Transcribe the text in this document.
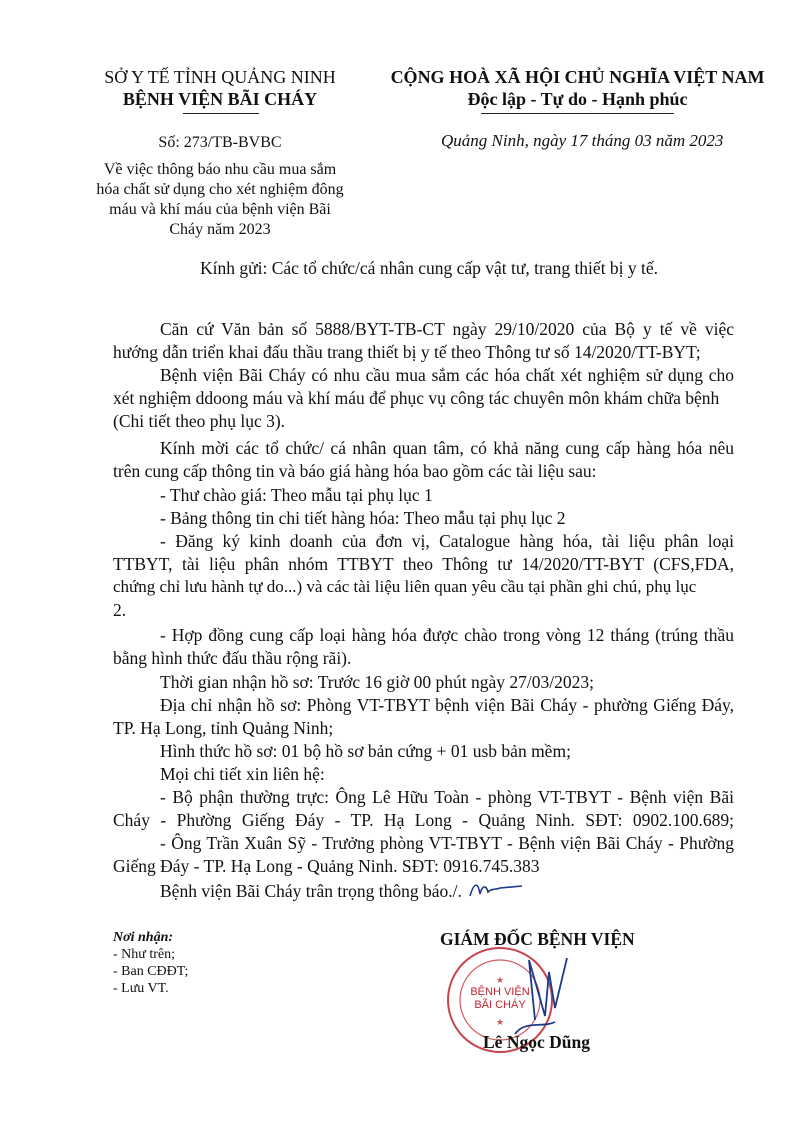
SỞ Y TẾ TỈNH QUẢNG NINH
BỆNH VIỆN BÃI CHÁY
Số: 273/TB-BVBC
Về việc thông báo nhu cầu mua sắm
hóa chất sử dụng cho xét nghiệm đông
máu và khí máu của bệnh viện Bãi
Cháy năm 2023
CỘNG HOÀ XÃ HỘI CHỦ NGHĨA VIỆT NAM
Độc lập - Tự do - Hạnh phúc
Quảng Ninh, ngày 17 tháng 03 năm 2023
Kính gửi: Các tổ chức/cá nhân cung cấp vật tư, trang thiết bị y tế.
Căn cứ Văn bản số 5888/BYT-TB-CT ngày 29/10/2020 của Bộ y tế về việc
hướng dẫn triển khai đấu thầu trang thiết bị y tế theo Thông tư số 14/2020/TT-BYT;
Bệnh viện Bãi Cháy có nhu cầu mua sắm các hóa chất xét nghiệm sử dụng cho
xét nghiệm ddoong máu và khí máu để phục vụ công tác chuyên môn khám chữa bệnh
(Chi tiết theo phụ lục 3).
Kính mời các tổ chức/ cá nhân quan tâm, có khả năng cung cấp hàng hóa nêu
trên cung cấp thông tin và báo giá hàng hóa bao gồm các tài liệu sau:
- Thư chào giá: Theo mẫu tại phụ lục 1
- Bảng thông tin chi tiết hàng hóa: Theo mẫu tại phụ lục 2
- Đăng ký kinh doanh của đơn vị, Catalogue hàng hóa, tài liệu phân loại
TTBYT, tài liệu phân nhóm TTBYT theo Thông tư 14/2020/TT-BYT (CFS,FDA,
chứng chỉ lưu hành tự do...) và các tài liệu liên quan yêu cầu tại phần ghi chú, phụ lục
2.
- Hợp đồng cung cấp loại hàng hóa được chào trong vòng 12 tháng (trúng thầu
bằng hình thức đấu thầu rộng rãi).
Thời gian nhận hồ sơ: Trước 16 giờ 00 phút ngày 27/03/2023;
Địa chỉ nhận hồ sơ: Phòng VT-TBYT bệnh viện Bãi Cháy - phường Giếng Đáy,
TP. Hạ Long, tỉnh Quảng Ninh;
Hình thức hồ sơ: 01 bộ hồ sơ bản cứng + 01 usb bản mềm;
Mọi chi tiết xin liên hệ:
- Bộ phận thường trực: Ông Lê Hữu Toàn - phòng VT-TBYT - Bệnh viện Bãi
Cháy - Phường Giếng Đáy - TP. Hạ Long - Quảng Ninh. SĐT: 0902.100.689;
- Ông Trần Xuân Sỹ - Trưởng phòng VT-TBYT - Bệnh viện Bãi Cháy - Phường
Giếng Đáy - TP. Hạ Long - Quảng Ninh. SĐT: 0916.745.383
Bệnh viện Bãi Cháy trân trọng thông báo./.
Nơi nhận:
- Như trên;
- Ban CĐĐT;
- Lưu VT.
GIÁM ĐỐC BỆNH VIỆN
★
BỆNH VIỆN
BÃI CHÁY
★
Lê Ngọc Dũng
